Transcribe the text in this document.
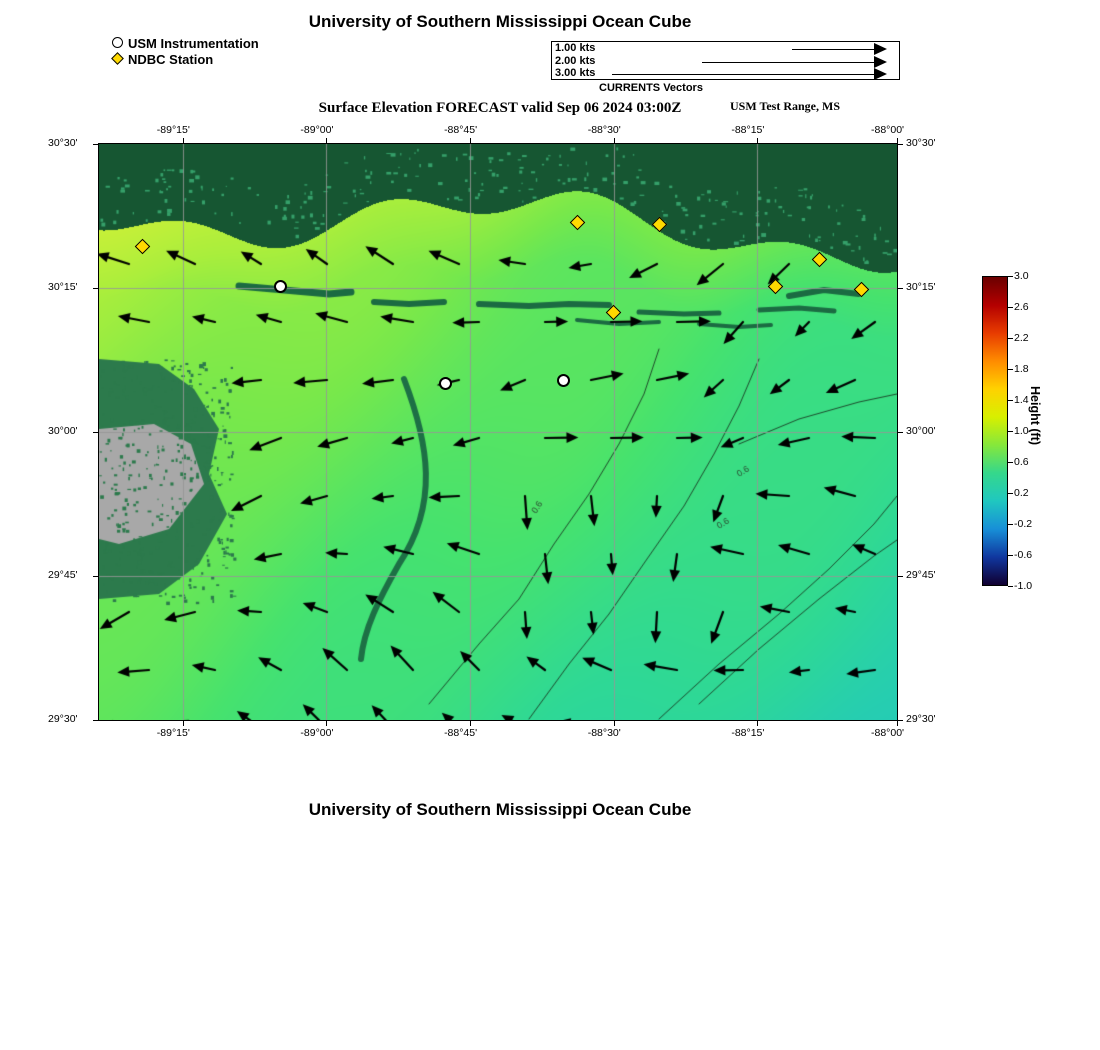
University of Southern Mississippi Ocean Cube
USM Instrumentation
NDBC Station
1.00 kts
2.00 kts
3.00 kts
CURRENTS Vectors
Surface Elevation FORECAST valid Sep 06 2024 03:00Z	USM Test Range, MS
-89°15'
-89°15'
-89°00'
-89°00'
-88°45'
-88°45'
-88°30'
-88°30'
-88°15'
-88°15'
-88°00'
-88°00'
30°30'	30°30'
30°15'	30°15'
30°00'	30°00'
29°45'	29°45'
29°30'	29°30'
3.0
2.6
2.2
1.8
1.4
1.0
0.6
0.2
-0.2
-0.6
-1.0
Height (ft)
University of Southern Mississippi Ocean Cube
